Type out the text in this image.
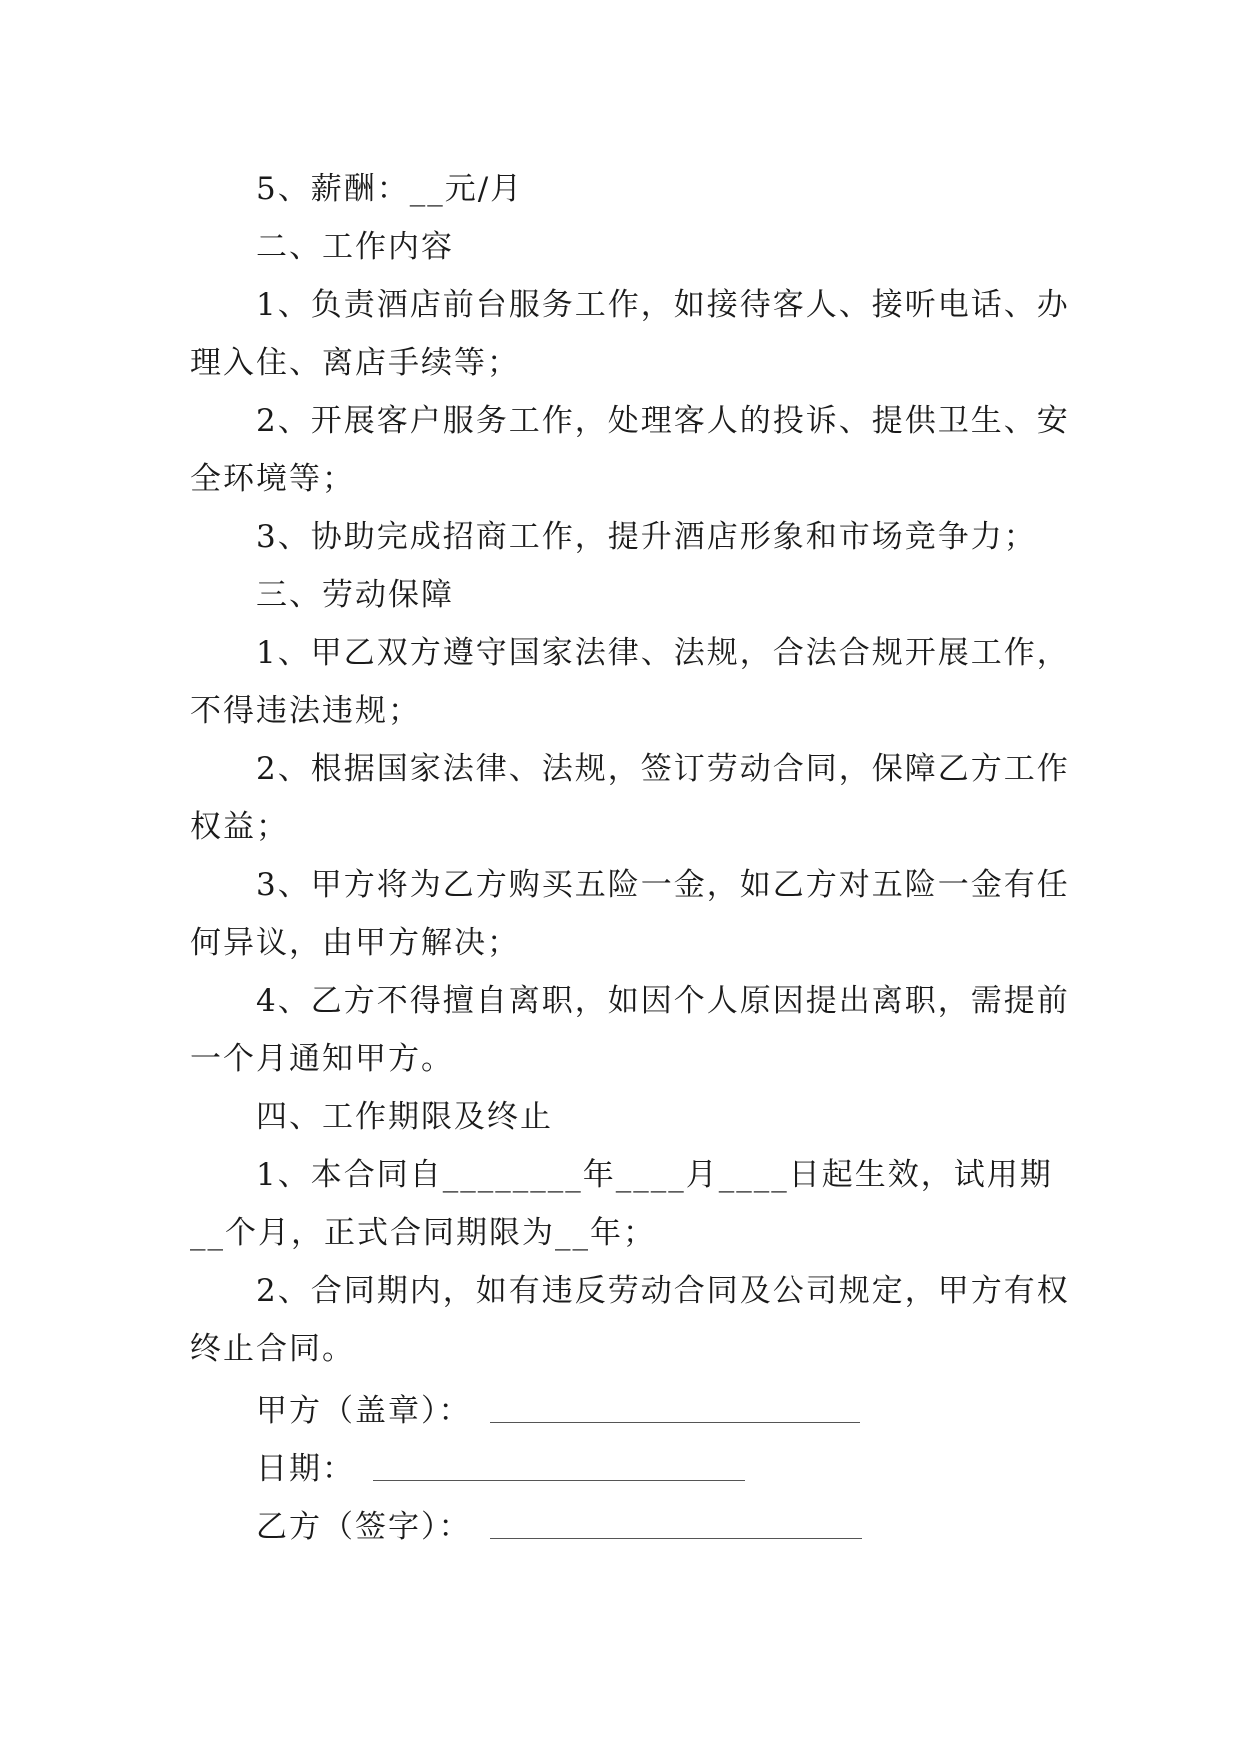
5、薪酬：__元/月

二、工作内容

1、负责酒店前台服务工作，如接待客人、接听电话、办理入住、离店手续等；

2、开展客户服务工作，处理客人的投诉、提供卫生、安全环境等；

3、协助完成招商工作，提升酒店形象和市场竞争力；

三、劳动保障

1、甲乙双方遵守国家法律、法规，合法合规开展工作，不得违法违规；

2、根据国家法律、法规，签订劳动合同，保障乙方工作权益；

3、甲方将为乙方购买五险一金，如乙方对五险一金有任何异议，由甲方解决；

4、乙方不得擅自离职，如因个人原因提出离职，需提前一个月通知甲方。

四、工作期限及终止

1、本合同自________年____月____日起生效，试用期__个月，正式合同期限为__年；

2、合同期内，如有违反劳动合同及公司规定，甲方有权终止合同。

甲方（盖章）：
日期：
乙方（签字）：
